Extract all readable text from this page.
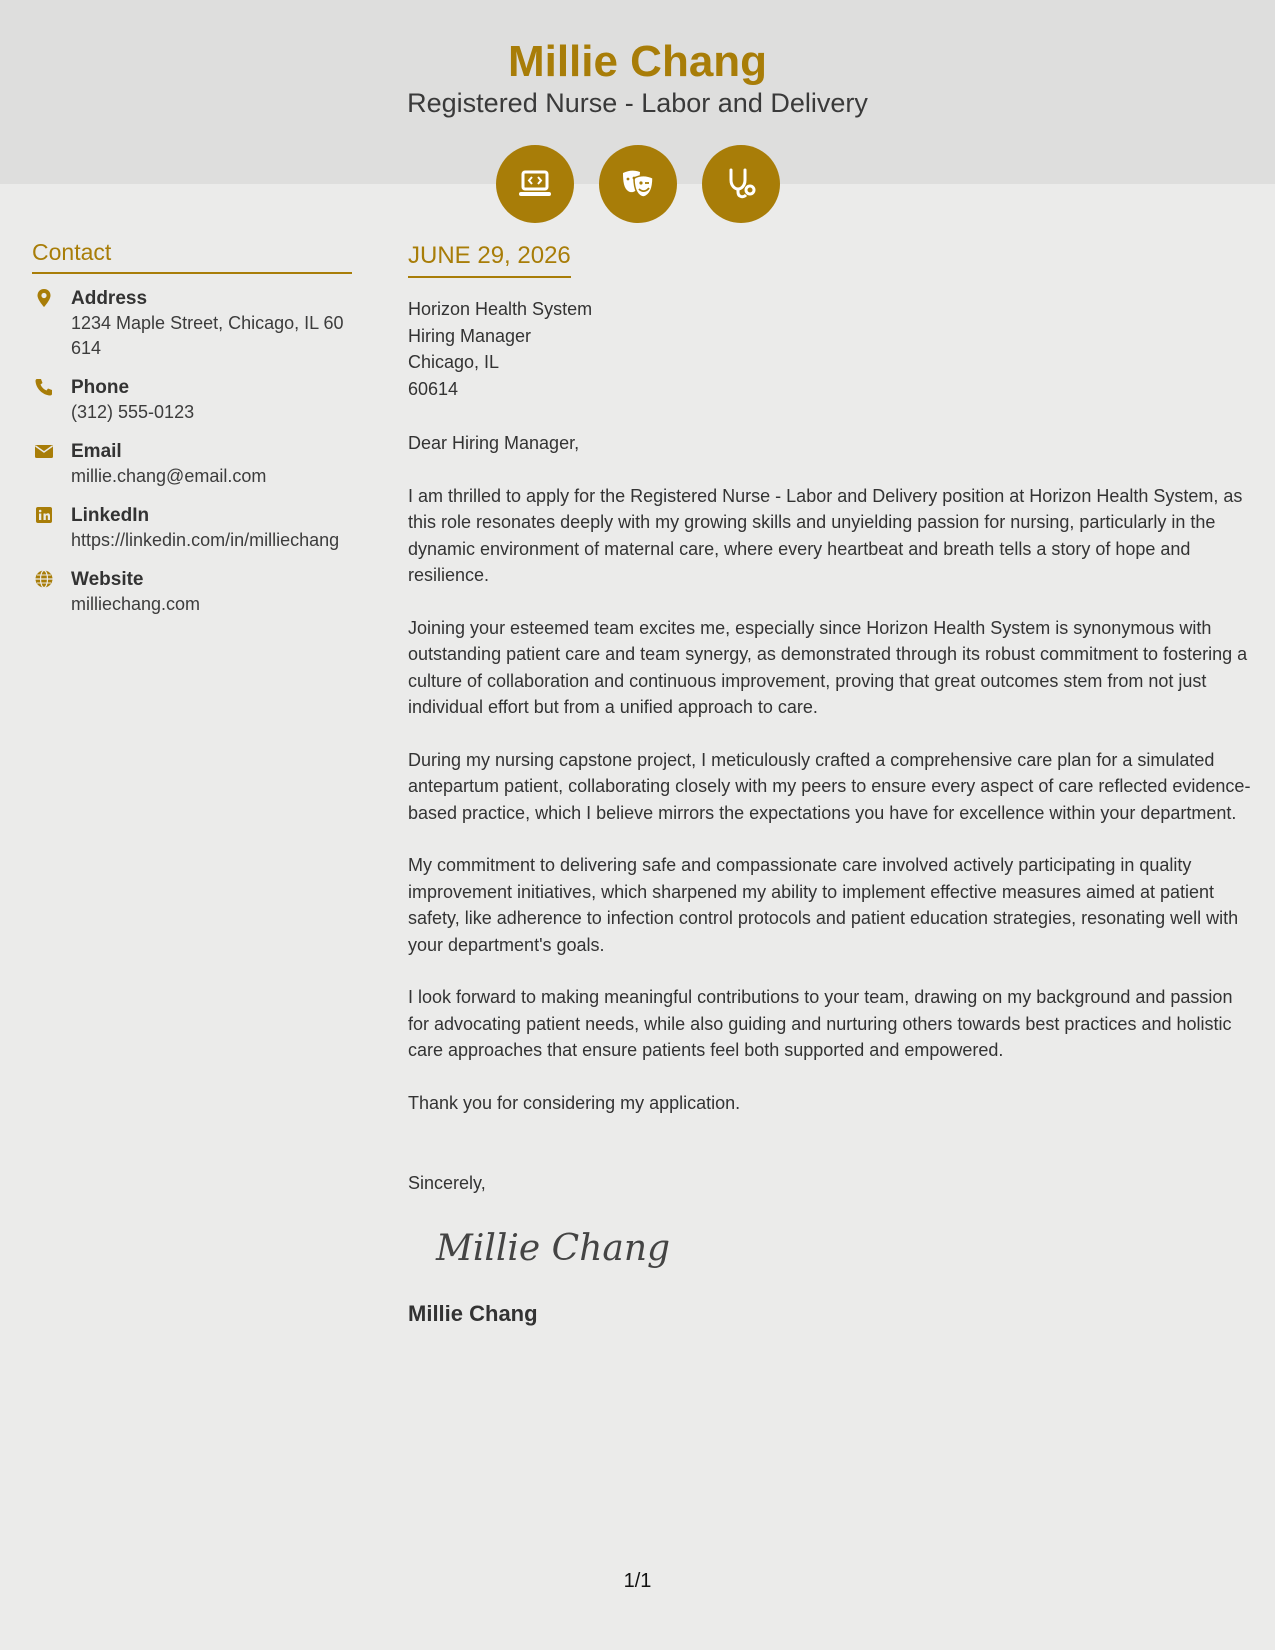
Millie Chang
Registered Nurse - Labor and Delivery
Contact
Address
1234 Maple Street, Chicago, IL 60614
Phone
(312) 555-0123
Email
millie.chang@email.com
LinkedIn
https://linkedin.com/in/milliechang
Website
milliechang.com
JUNE 29, 2026
Horizon Health System
Hiring Manager
Chicago, IL
60614

Dear Hiring Manager,

I am thrilled to apply for the Registered Nurse - Labor and Delivery position at Horizon Health System, as this role resonates deeply with my growing skills and unyielding passion for nursing, particularly in the dynamic environment of maternal care, where every heartbeat and breath tells a story of hope and resilience.

Joining your esteemed team excites me, especially since Horizon Health System is synonymous with outstanding patient care and team synergy, as demonstrated through its robust commitment to fostering a culture of collaboration and continuous improvement, proving that great outcomes stem from not just individual effort but from a unified approach to care.

During my nursing capstone project, I meticulously crafted a comprehensive care plan for a simulated antepartum patient, collaborating closely with my peers to ensure every aspect of care reflected evidence-based practice, which I believe mirrors the expectations you have for excellence within your department.

My commitment to delivering safe and compassionate care involved actively participating in quality improvement initiatives, which sharpened my ability to implement effective measures aimed at patient safety, like adherence to infection control protocols and patient education strategies, resonating well with your department's goals.

I look forward to making meaningful contributions to your team, drawing on my background and passion for advocating patient needs, while also guiding and nurturing others towards best practices and holistic care approaches that ensure patients feel both supported and empowered.

Thank you for considering my application.

Sincerely,

Millie Chang
Millie Chang
1/1
